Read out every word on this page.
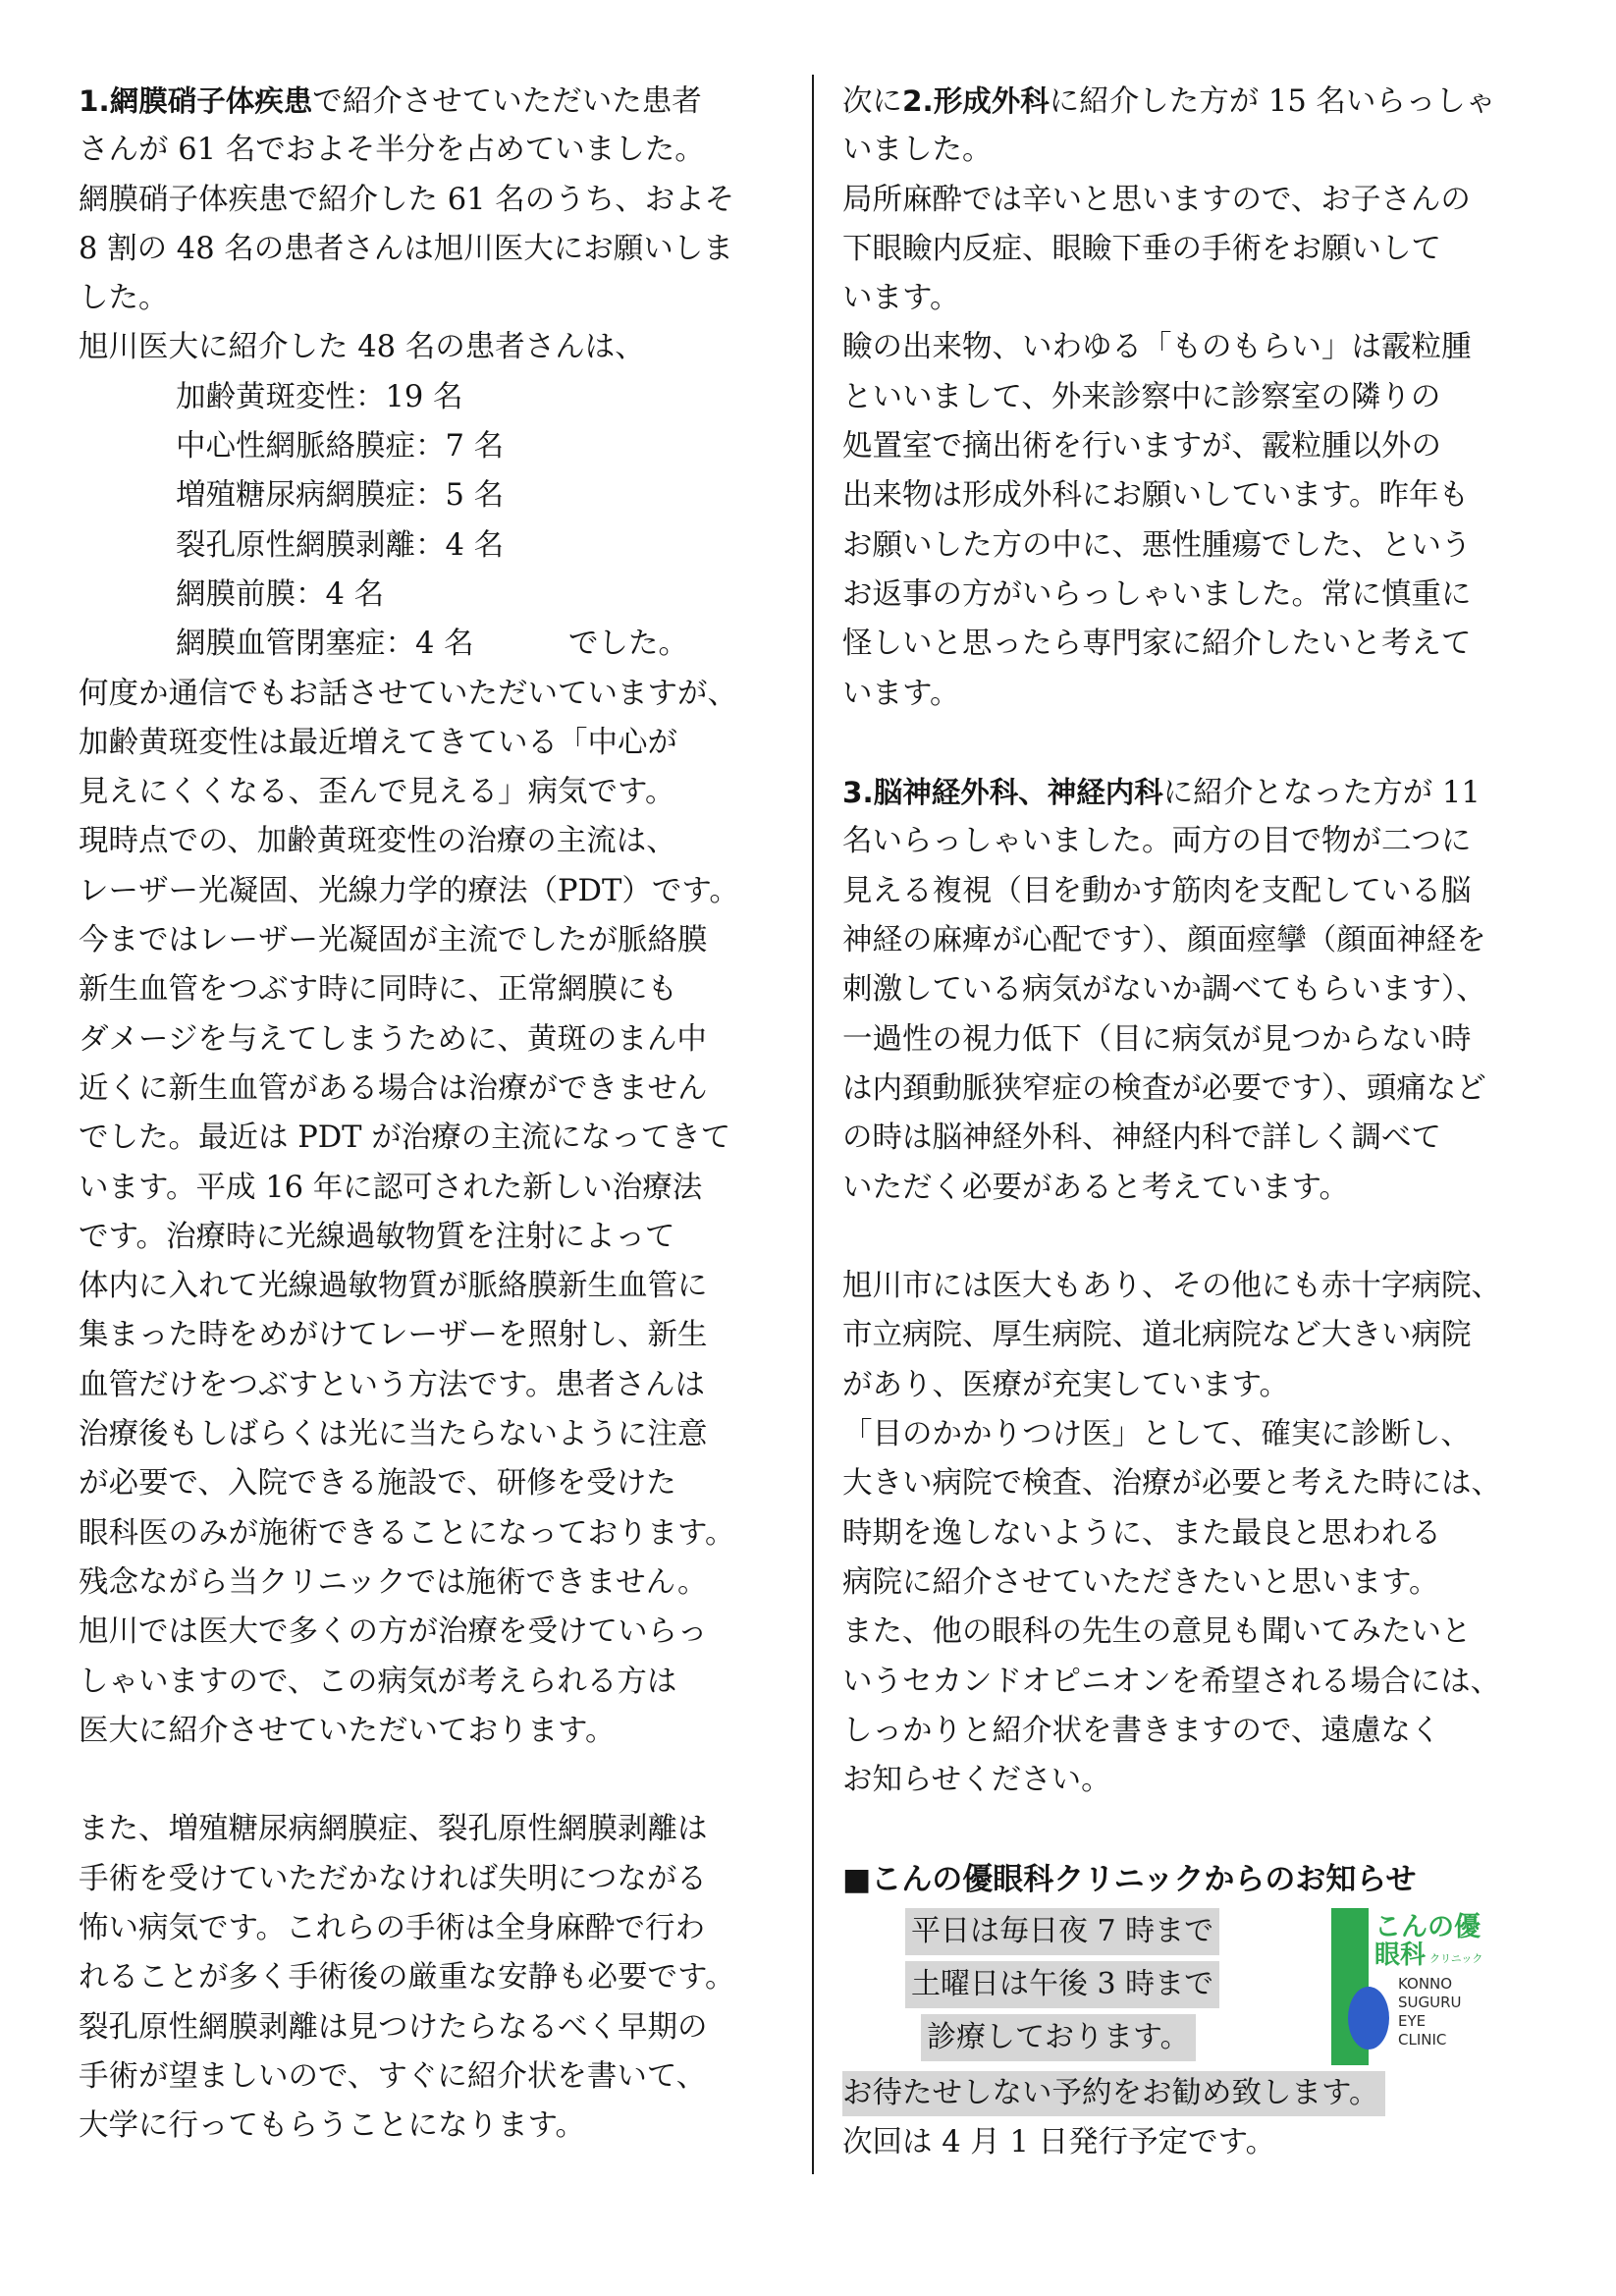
1.網膜硝子体疾患で紹介させていただいた患者

さんが 61 名でおよそ半分を占めていました。

網膜硝子体疾患で紹介した 61 名のうち、およそ

8 割の 48 名の患者さんは旭川医大にお願いしま

した。

旭川医大に紹介した 48 名の患者さんは、

加齢黄斑変性：19 名

中心性網脈絡膜症：7 名

増殖糖尿病網膜症：5 名

裂孔原性網膜剥離：4 名

網膜前膜：4 名

網膜血管閉塞症：4 名	でした。

何度か通信でもお話させていただいていますが、

加齢黄斑変性は最近増えてきている「中心が

見えにくくなる、歪んで見える」病気です。

現時点での、加齢黄斑変性の治療の主流は、

レーザー光凝固、光線力学的療法（PDT）です。

今まではレーザー光凝固が主流でしたが脈絡膜

新生血管をつぶす時に同時に、正常網膜にも

ダメージを与えてしまうために、黄斑のまん中

近くに新生血管がある場合は治療ができません

でした。最近は PDT が治療の主流になってきて

います。平成 16 年に認可された新しい治療法

です。治療時に光線過敏物質を注射によって

体内に入れて光線過敏物質が脈絡膜新生血管に

集まった時をめがけてレーザーを照射し、新生

血管だけをつぶすという方法です。患者さんは

治療後もしばらくは光に当たらないように注意

が必要で、入院できる施設で、研修を受けた

眼科医のみが施術できることになっております。

残念ながら当クリニックでは施術できません。

旭川では医大で多くの方が治療を受けていらっ

しゃいますので、この病気が考えられる方は

医大に紹介させていただいております。

また、増殖糖尿病網膜症、裂孔原性網膜剥離は

手術を受けていただかなければ失明につながる

怖い病気です。これらの手術は全身麻酔で行わ

れることが多く手術後の厳重な安静も必要です。

裂孔原性網膜剥離は見つけたらなるべく早期の

手術が望ましいので、すぐに紹介状を書いて、

大学に行ってもらうことになります。

次に2.形成外科に紹介した方が 15 名いらっしゃ

いました。

局所麻酔では辛いと思いますので、お子さんの

下眼瞼内反症、眼瞼下垂の手術をお願いして

います。

瞼の出来物、いわゆる「ものもらい」は霰粒腫

といいまして、外来診察中に診察室の隣りの

処置室で摘出術を行いますが、霰粒腫以外の

出来物は形成外科にお願いしています。昨年も

お願いした方の中に、悪性腫瘍でした、という

お返事の方がいらっしゃいました。常に慎重に

怪しいと思ったら専門家に紹介したいと考えて

います。

3.脳神経外科、神経内科に紹介となった方が 11

名いらっしゃいました。両方の目で物が二つに

見える複視（目を動かす筋肉を支配している脳

神経の麻痺が心配です）、顔面痙攣（顔面神経を

刺激している病気がないか調べてもらいます）、

一過性の視力低下（目に病気が見つからない時

は内頚動脈狭窄症の検査が必要です）、頭痛など

の時は脳神経外科、神経内科で詳しく調べて

いただく必要があると考えています。

旭川市には医大もあり、その他にも赤十字病院、

市立病院、厚生病院、道北病院など大きい病院

があり、医療が充実しています。

「目のかかりつけ医」として、確実に診断し、

大きい病院で検査、治療が必要と考えた時には、

時期を逸しないように、また最良と思われる

病院に紹介させていただきたいと思います。

また、他の眼科の先生の意見も聞いてみたいと

いうセカンドオピニオンを希望される場合には、

しっかりと紹介状を書きますので、遠慮なく

お知らせください。

■こんの優眼科クリニックからのお知らせ

平日は毎日夜 7 時まで
土曜日は午後 3 時まで
診療しております。
こんの優
眼科 クリニック
KONNO
SUGURU
EYE
CLINIC

お待たせしない予約をお勧め致します。

次回は 4 月 1 日発行予定です。
